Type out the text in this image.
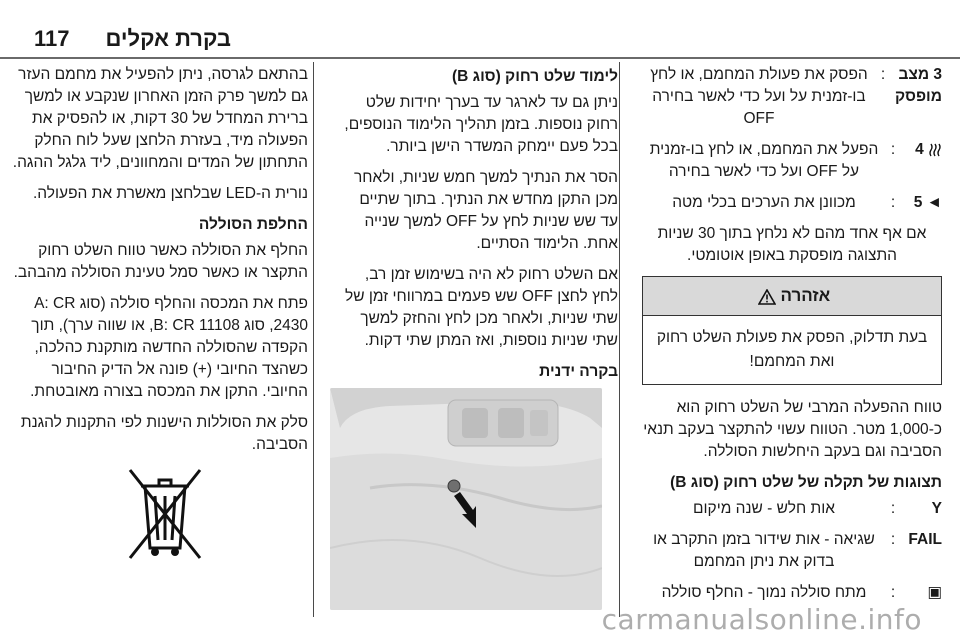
117 בקרת אקלים
3 מצב מופסק
:
הפסק את פעולת המחמם, או לחץ בו-זמנית על ועל כדי לאשר בחירה OFF
4
:
הפעל את המחמם, או לחץ בו-זמנית על OFF ועל כדי לאשר בחירה
◄ 5
:
מכוונן את הערכים בכלי מטה

אם אף אחד מהם לא נלחץ בתוך 30 שניות התצוגה מופסקת באופן אוטומטי.

אזהרה
בעת תדלוק, הפסק את פעולת השלט רחוק ואת המחמם!

טווח ההפעלה המרבי של השלט רחוק הוא כ-1,000 מטר. הטווח עשוי להתקצר בעקב תנאי הסביבה וגם בעקב היחלשות הסוללה.

תצוגות של תקלה של שלט רחוק (סוג B)

Y
:
אות חלש - שנה מיקום
FAIL
:
שגיאה - אות שידור בזמן התקרב או בדוק את ניתן המחמם
▣
:
מתח סוללה נמוך - החלף סוללה

לימוד שלט רחוק (סוג B)

ניתן גם עד לארגר עד בערך יחידות שלט רחוק נוספות. בזמן תהליך הלימוד הנוספים, בכל פעם יימחק המשדר הישן ביותר.

הסר את הנתיך למשך חמש שניות, ולאחר מכן התקן מחדש את הנתיך. בתוך שתיים עד שש שניות לחץ על OFF למשך שנייה אחת. הלימוד הסתיים.

אם השלט רחוק לא היה בשימוש זמן רב, לחץ לחצן OFF שש פעמים במרווחי זמן של שתי שניות, ולאחר מכן לחץ והחזק למשך שתי שניות נוספות, ואז המתן שתי דקות.

בקרה ידנית

בהתאם לגרסה, ניתן להפעיל את מחמם העזר גם למשך פרק הזמן האחרון שנקבע או למשך ברירת המחדל של 30 דקות, או להפסיק את הפעולה מיד, בעזרת הלחצן שעל לוח החלק התחתון של המדים והמחוונים, ליד גלגל ההגה.

נורית ה-LED שבלחצן מאשרת את הפעולה.

החלפת הסוללה

החלף את הסוללה כאשר טווח השלט רחוק התקצר או כאשר סמל טעינת הסוללה מהבהב.

פתח את המכסה והחלף סוללה (סוג A: CR 2430, סוג B: CR 11108, או שווה ערך), תוך הקפדה שהסוללה החדשה מותקנת כהלכה, כשהצד החיובי (+) פונה אל הדיק החיבור החיובי. התקן את המכסה בצורה מאובטחת.

סלק את הסוללות הישנות לפי התקנות להגנת הסביבה.

carmanualsonline.info
